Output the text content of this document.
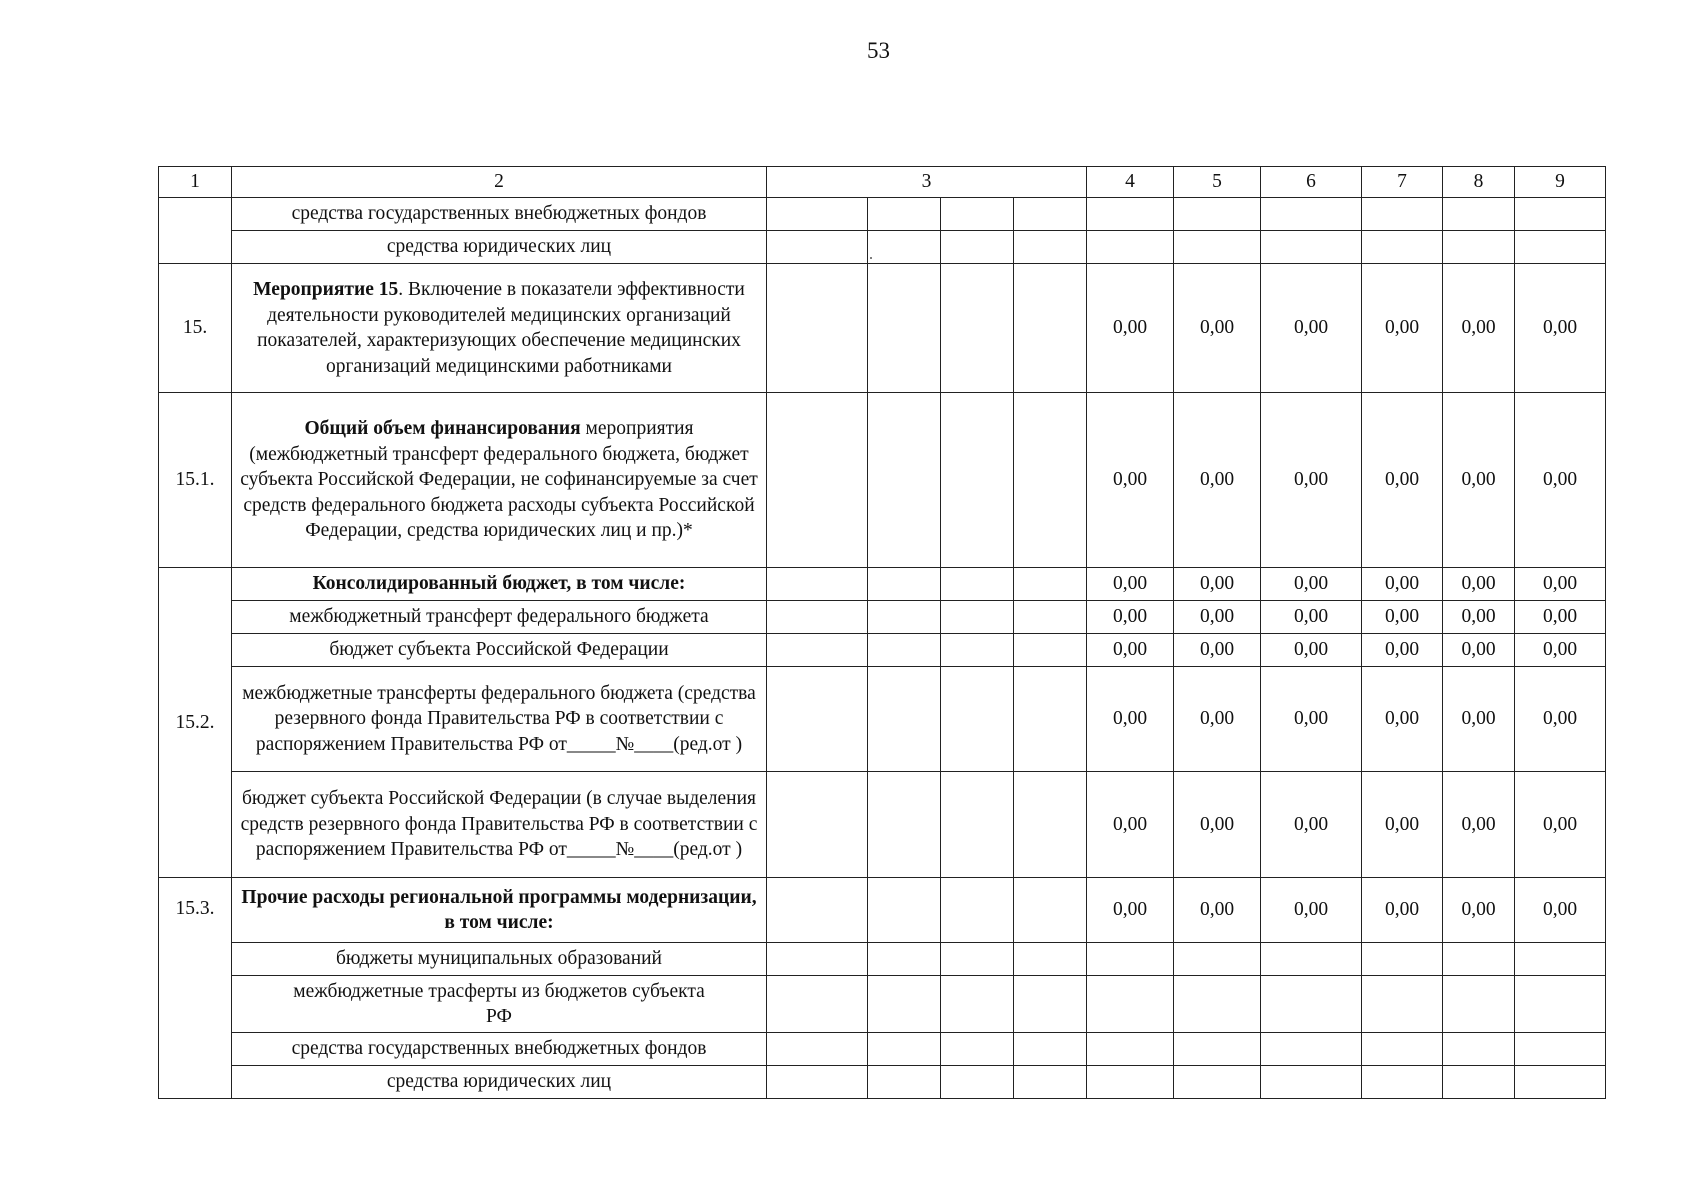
53
1	2	3				4	5	6	7	8	9
	средства государственных внебюджетных фондов										
	средства юридических лиц										
15.	Мероприятие 15. Включение в показатели эффективности деятельности руководителей медицинских организаций показателей, характеризующих обеспечение медицинских организаций медицинскими работниками					0,00	0,00	0,00	0,00	0,00	0,00
15.1.	Общий объем финансирования мероприятия (межбюджетный трансферт федерального бюджета, бюджет субъекта Российской Федерации, не софинансируемые за счет средств федерального бюджета расходы субъекта Российской Федерации, средства юридических лиц и пр.)*					0,00	0,00	0,00	0,00	0,00	0,00
15.2.	Консолидированный бюджет, в том числе:					0,00	0,00	0,00	0,00	0,00	0,00
	межбюджетный трансферт федерального бюджета					0,00	0,00	0,00	0,00	0,00	0,00
	бюджет субъекта Российской Федерации					0,00	0,00	0,00	0,00	0,00	0,00
	межбюджетные трансферты федерального бюджета (средства резервного фонда Правительства РФ в соответствии с распоряжением Правительства РФ от_____№____(ред.от )					0,00	0,00	0,00	0,00	0,00	0,00
	бюджет субъекта Российской Федерации (в случае выделения средств резервного фонда Правительства РФ в соответствии с распоряжением Правительства РФ от_____№____(ред.от )					0,00	0,00	0,00	0,00	0,00	0,00
15.3.	Прочие расходы региональной программы модернизации, в том числе:					0,00	0,00	0,00	0,00	0,00	0,00
	бюджеты муниципальных образований										
	межбюджетные трасферты из бюджетов субъекта РФ										
	средства государственных внебюджетных фондов										
	средства юридических лиц										
